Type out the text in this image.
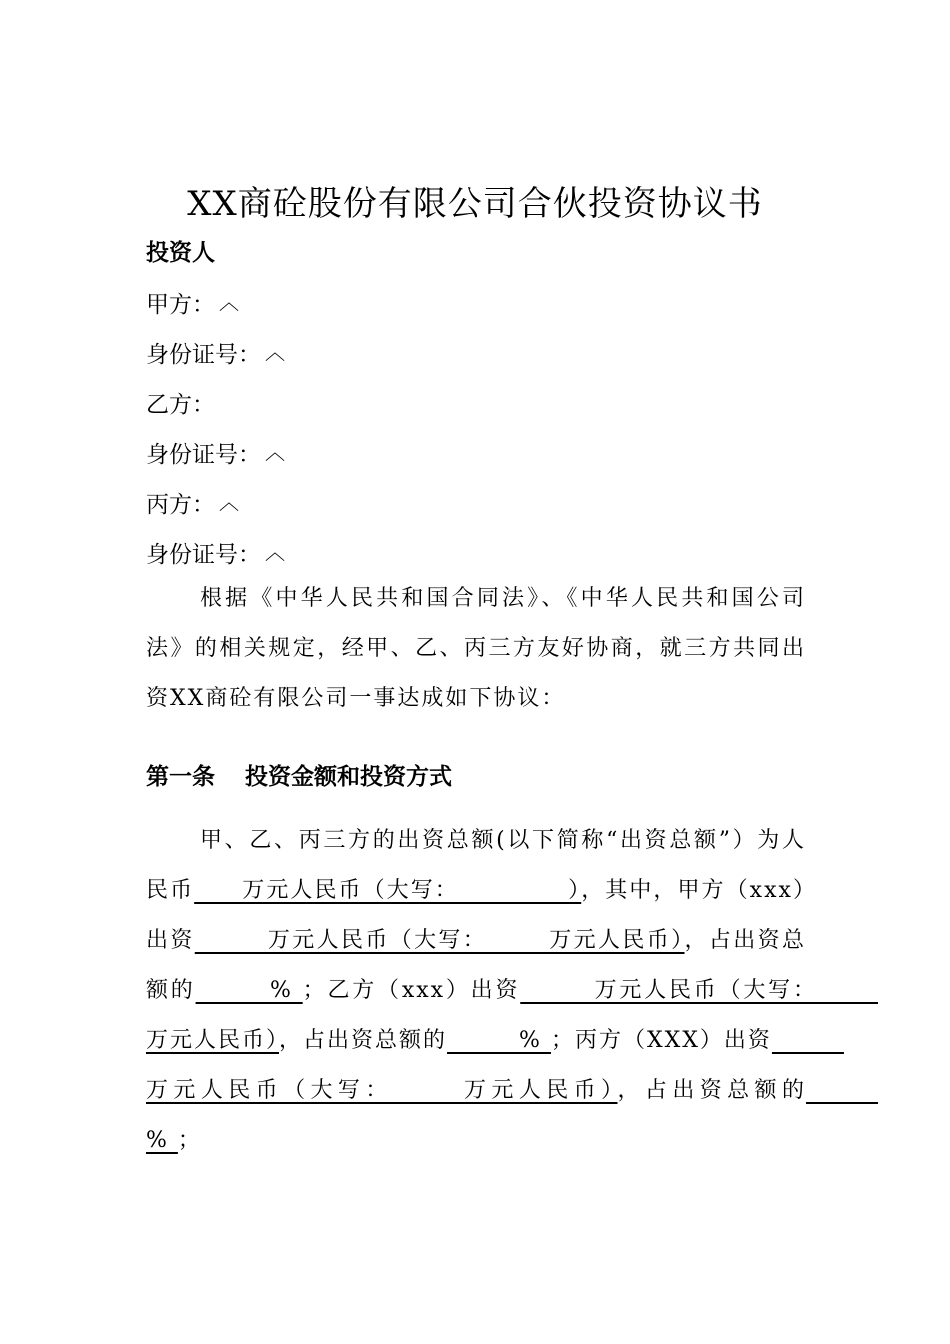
XX商砼股份有限公司合伙投资协议书
投资人
甲方： ︿
身份证号： ︿
乙方：
身份证号： ︿
丙方： ︿
身份证号： ︿
根据《中华人民共和国合同法》、《中华人民共和国公司法》的相关规定，经甲、乙、丙三方友好协商，就三方共同出资XX商砼有限公司一事达成如下协议：
第一条 投资金额和投资方式
甲、乙、丙三方的出资总额(以下简称“出资总额”）为人民币　　万元人民币（大写：　　　　　），其中，甲方（xxx）出资　　　万元人民币（大写：　　　万元人民币），占出资总额的　　　% ；乙方（xxx）出资　　　万元人民币（大写：　　　万元人民币），占出资总额的　　　% ；丙方（XXX）出资　　　万元人民币（大写：　　　万元人民币），占出资总额的　　　% ；
